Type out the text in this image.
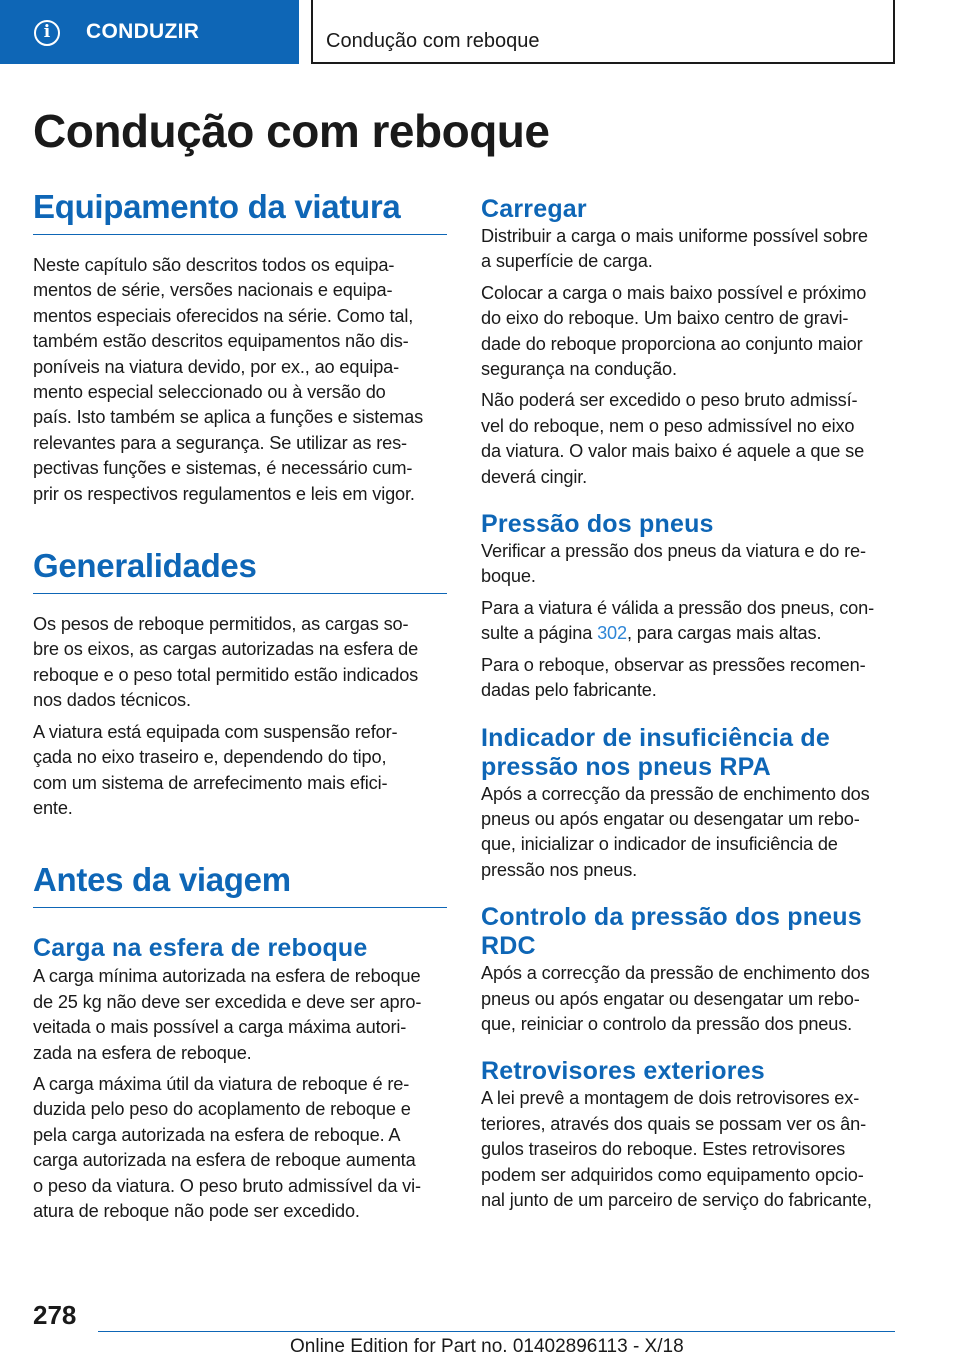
i	CONDUZIR	Condução com reboque
Condução com reboque
Equipamento da viatura

Neste capítulo são descritos todos os equipa-

mentos de série, versões nacionais e equipa-

mentos especiais oferecidos na série. Como tal,

também estão descritos equipamentos não dis-

poníveis na viatura devido, por ex., ao equipa-

mento especial seleccionado ou à versão do

país. Isto também se aplica a funções e sistemas

relevantes para a segurança. Se utilizar as res-

pectivas funções e sistemas, é necessário cum-

prir os respectivos regulamentos e leis em vigor.

Generalidades

Os pesos de reboque permitidos, as cargas so-

bre os eixos, as cargas autorizadas na esfera de

reboque e o peso total permitido estão indicados

nos dados técnicos.

A viatura está equipada com suspensão refor-

çada no eixo traseiro e, dependendo do tipo,

com um sistema de arrefecimento mais efici-

ente.

Antes da viagem
Carga na esfera de reboque

A carga mínima autorizada na esfera de reboque

de 25 kg não deve ser excedida e deve ser apro-

veitada o mais possível a carga máxima autori-

zada na esfera de reboque.

A carga máxima útil da viatura de reboque é re-

duzida pelo peso do acoplamento de reboque e

pela carga autorizada na esfera de reboque. A

carga autorizada na esfera de reboque aumenta

o peso da viatura. O peso bruto admissível da vi-

atura de reboque não pode ser excedido.

Carregar

Distribuir a carga o mais uniforme possível sobre

a superfície de carga.

Colocar a carga o mais baixo possível e próximo

do eixo do reboque. Um baixo centro de gravi-

dade do reboque proporciona ao conjunto maior

segurança na condução.

Não poderá ser excedido o peso bruto admissí-

vel do reboque, nem o peso admissível no eixo

da viatura. O valor mais baixo é aquele a que se

deverá cingir.

Pressão dos pneus

Verificar a pressão dos pneus da viatura e do re-

boque.

Para a viatura é válida a pressão dos pneus, con-

sulte a página 302, para cargas mais altas.

Para o reboque, observar as pressões recomen-

dadas pelo fabricante.

Indicador de insuficiência de
pressão nos pneus RPA

Após a correcção da pressão de enchimento dos

pneus ou após engatar ou desengatar um rebo-

que, inicializar o indicador de insuficiência de

pressão nos pneus.

Controlo da pressão dos pneus
RDC

Após a correcção da pressão de enchimento dos

pneus ou após engatar ou desengatar um rebo-

que, reiniciar o controlo da pressão dos pneus.

Retrovisores exteriores

A lei prevê a montagem de dois retrovisores ex-

teriores, através dos quais se possam ver os ân-

gulos traseiros do reboque. Estes retrovisores

podem ser adquiridos como equipamento opcio-

nal junto de um parceiro de serviço do fabricante,

278
Online Edition for Part no. 01402896113 - X/18
